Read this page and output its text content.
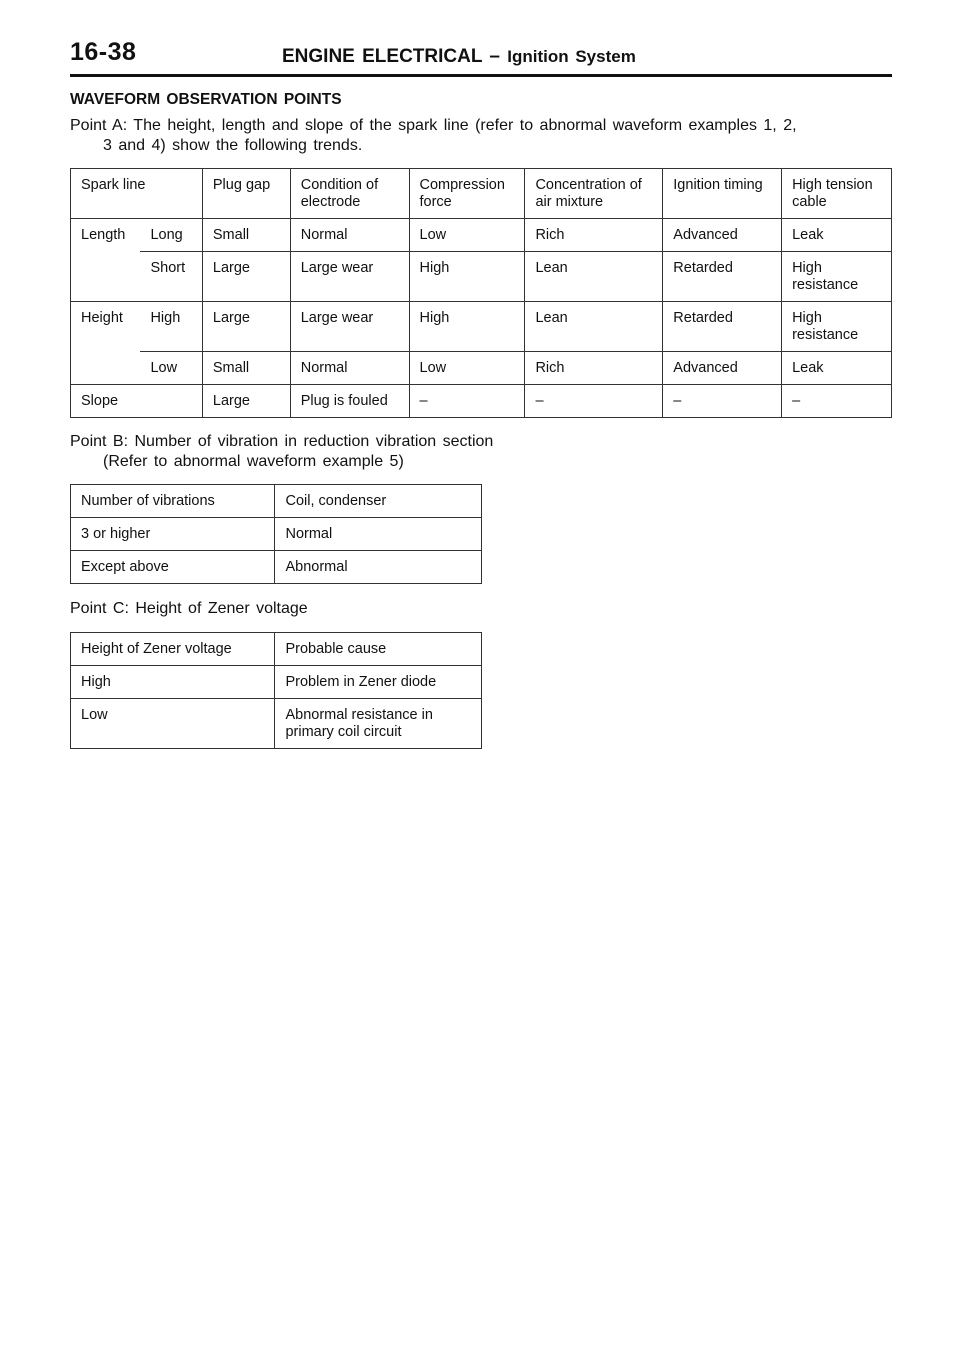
16-38	ENGINE ELECTRICAL – Ignition System
WAVEFORM OBSERVATION POINTS
Point A: The height, length and slope of the spark line (refer to abnormal waveform examples 1, 2,
3 and 4) show the following trends.
Spark line		Plug gap	Condition of electrode	Compression force	Concentration of air mixture	Ignition timing	High tension cable
Length	Long	Small	Normal	Low	Rich	Advanced	Leak
	Short	Large	Large wear	High	Lean	Retarded	High resistance
Height	High	Large	Large wear	High	Lean	Retarded	High resistance
	Low	Small	Normal	Low	Rich	Advanced	Leak
Slope		Large	Plug is fouled	–	–	–	–
Point B: Number of vibration in reduction vibration section
(Refer to abnormal waveform example 5)
Number of vibrations	Coil, condenser
3 or higher	Normal
Except above	Abnormal
Point C: Height of Zener voltage
Height of Zener voltage	Probable cause
High	Problem in Zener diode
Low	Abnormal resistance in primary coil circuit
